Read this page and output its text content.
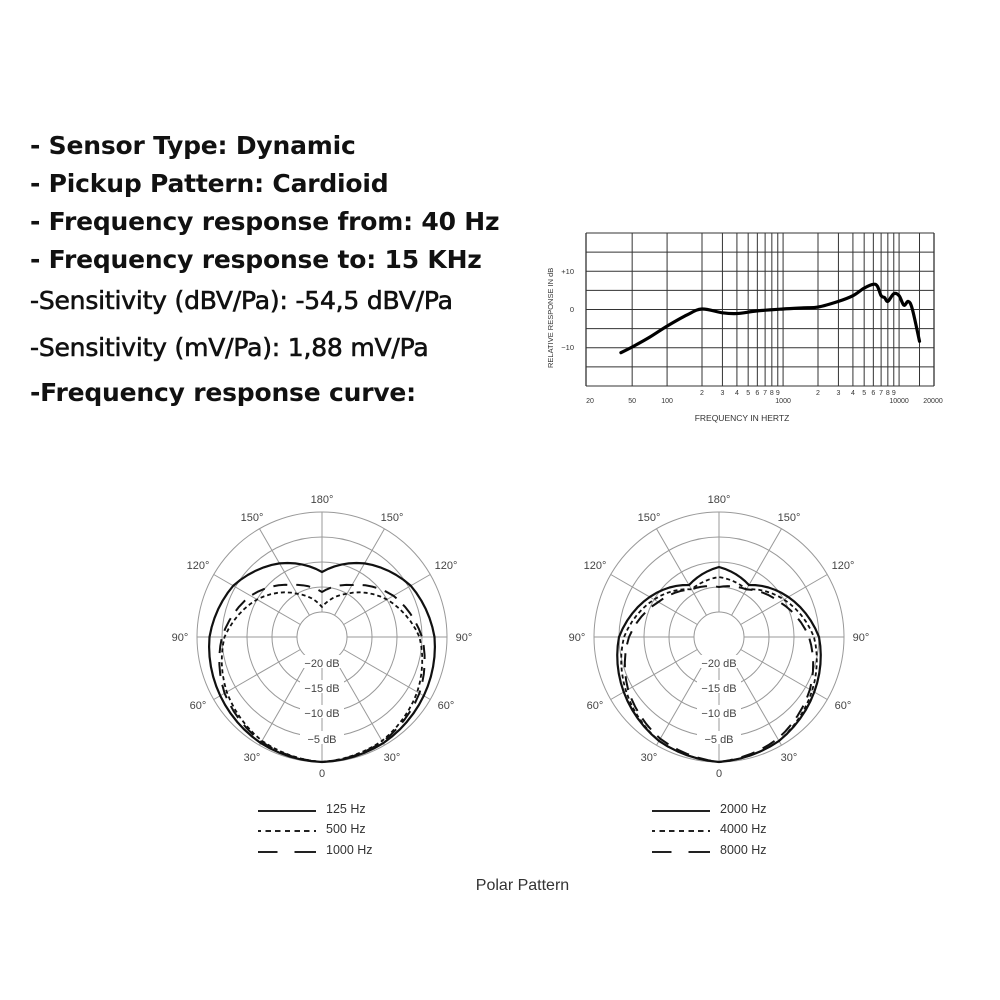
- Sensor Type: Dynamic
- Pickup Pattern: Cardioid
- Frequency response from: 40 Hz
- Frequency response to: 15 KHz
-Sensitivity (dBV/Pa): -54,5 dBV/Pa
-Sensitivity (mV/Pa): 1,88 mV/Pa
-Frequency response curve:
RELATIVE RESPONSE IN dB +10
0
−10
20	50	100
2 3 4 5 6 7 8 9
1000
2 3 4 5 6 7 8 9
10000 20000
FREQUENCY IN HERTZ
180°
150°	150°
120°	120°
90°	90°
60°	60°
30°	30°
0
−20 dB
−15 dB
−10 dB
−5 dB
180°
150°	150°
120°	120°
90°	90°
60°	60°
30°	30°
0
−20 dB
−15 dB
−10 dB
−5 dB
125 Hz
500 Hz
1000 Hz
2000 Hz
4000 Hz
8000 Hz
Polar Pattern
